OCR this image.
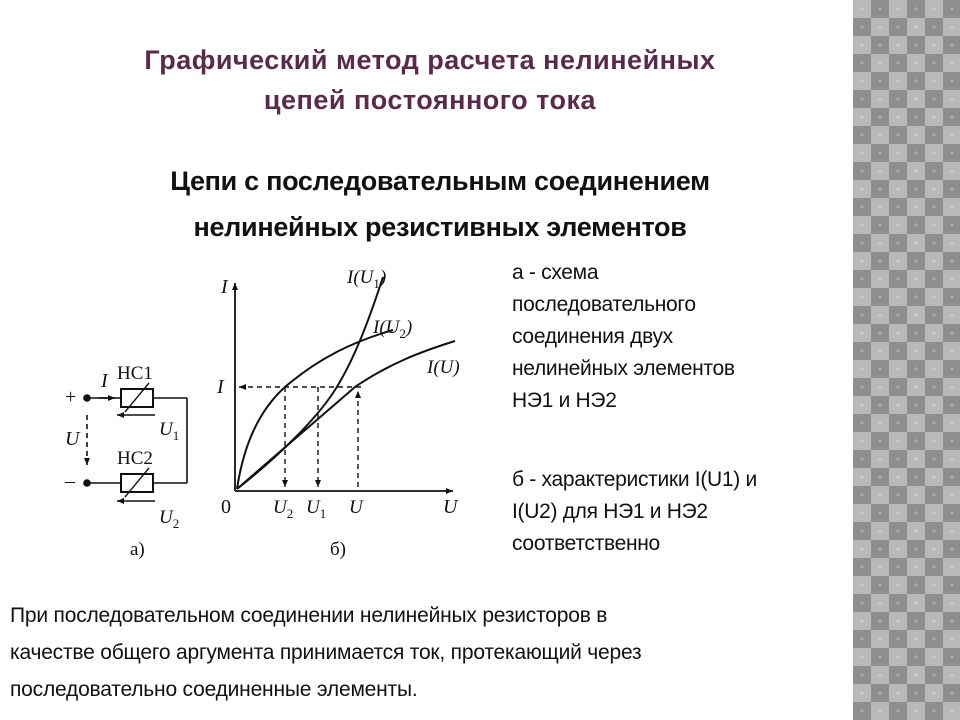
Графический метод расчета нелинейных
цепей постоянного тока
Цепи с последовательным соединением
нелинейных резистивных элементов
+
–
I
U
НС1
НС2
$U_1$
$U_2$
а)
I
U
0
I
$I(U_1)$
$I(U_2)$
I(U)
$U_2$ $U_1$ U
б)
а - схема
последовательного
соединения двух
нелинейных элементов
НЭ1 и НЭ2
б - характеристики I(U1) и
I(U2) для НЭ1 и НЭ2
соответственно
При последовательном соединении нелинейных резисторов в
качестве общего аргумента принимается ток, протекающий через
последовательно соединенные элементы.
